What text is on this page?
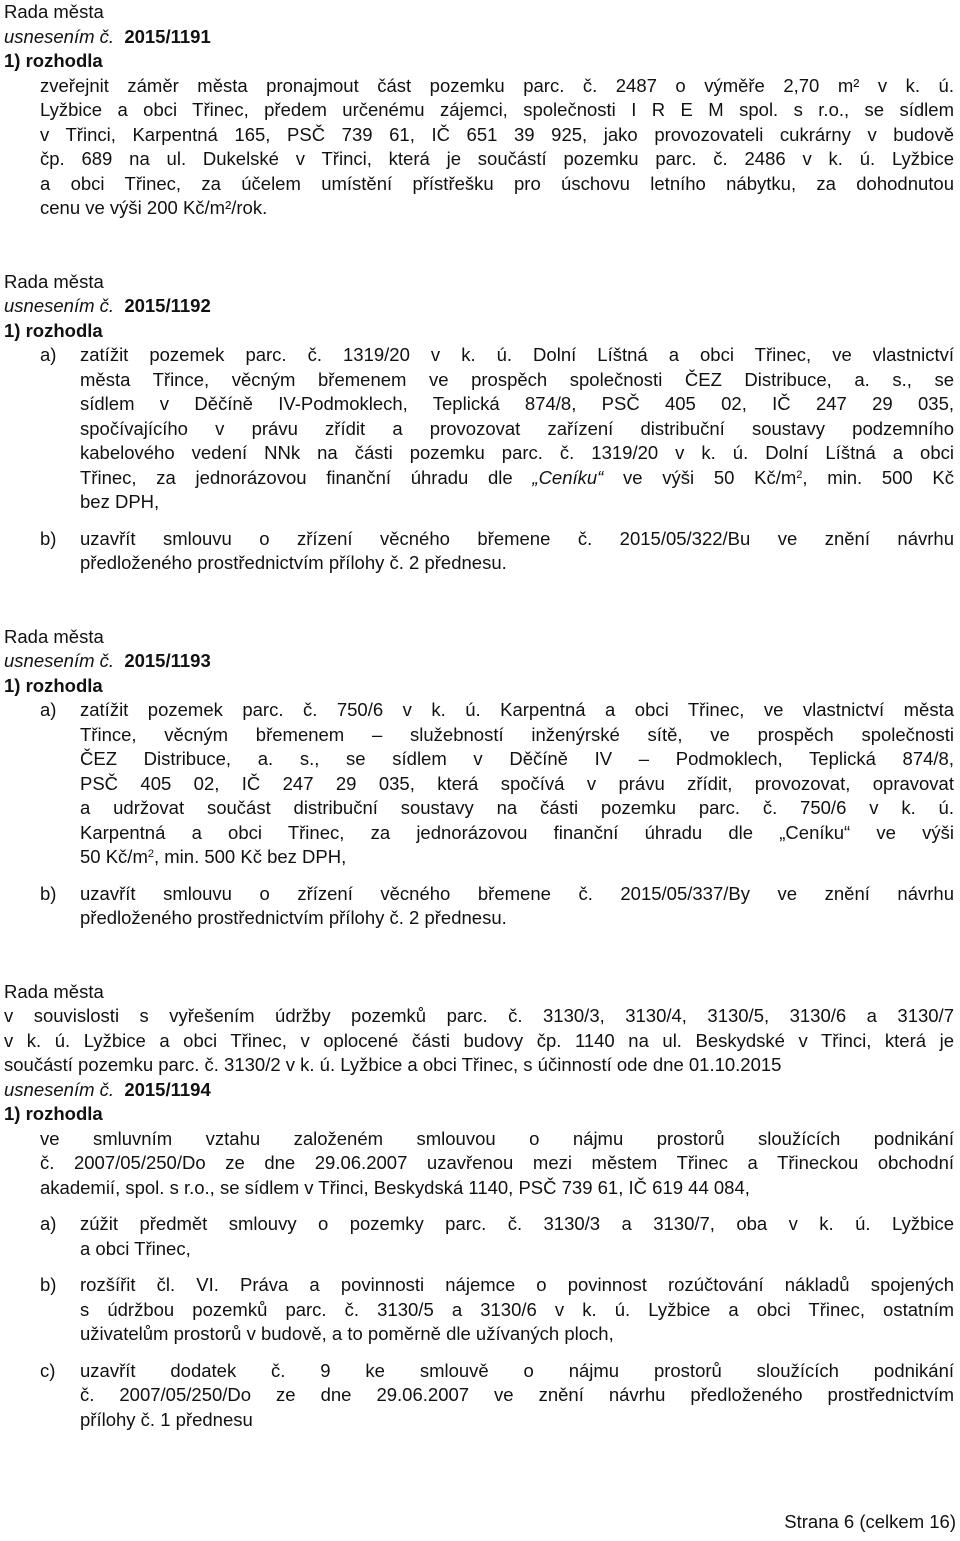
Rada města
usnesením č. 2015/1191
1) rozhodla
zveřejnit záměr města pronajmout část pozemku parc. č. 2487 o výměře 2,70 m² v k. ú.
Lyžbice a obci Třinec, předem určenému zájemci, společnosti I R E M spol. s r.o., se sídlem
v Třinci, Karpentná 165, PSČ 739 61, IČ 651 39 925, jako provozovateli cukrárny v budově
čp. 689 na ul. Dukelské v Třinci, která je součástí pozemku parc. č. 2486 v k. ú. Lyžbice
a obci Třinec, za účelem umístění přístřešku pro úschovu letního nábytku, za dohodnutou
cenu ve výši 200 Kč/m²/rok.
Rada města
usnesením č. 2015/1192
1) rozhodla
a) zatížit pozemek parc. č. 1319/20 v k. ú. Dolní Líštná a obci Třinec, ve vlastnictví
města Třince, věcným břemenem ve prospěch společnosti ČEZ Distribuce, a. s., se
sídlem v Děčíně IV-Podmoklech, Teplická 874/8, PSČ 405 02, IČ 247 29 035,
spočívajícího v právu zřídit a provozovat zařízení distribuční soustavy podzemního
kabelového vedení NNk na části pozemku parc. č. 1319/20 v k. ú. Dolní Líštná a obci
Třinec, za jednorázovou finanční úhradu dle „Ceníku“ ve výši 50 $Kč/m^2$, min. 500 Kč
bez DPH,
b) uzavřít smlouvu o zřízení věcného břemene č. 2015/05/322/Bu ve znění návrhu
předloženého prostřednictvím přílohy č. 2 přednesu.
Rada města
usnesením č. 2015/1193
1) rozhodla
a) zatížit pozemek parc. č. 750/6 v k. ú. Karpentná a obci Třinec, ve vlastnictví města
Třince, věcným břemenem – služebností inženýrské sítě, ve prospěch společnosti
ČEZ Distribuce, a. s., se sídlem v Děčíně IV – Podmoklech, Teplická 874/8,
PSČ 405 02, IČ 247 29 035, která spočívá v právu zřídit, provozovat, opravovat
a udržovat součást distribuční soustavy na části pozemku parc. č. 750/6 v k. ú.
Karpentná a obci Třinec, za jednorázovou finanční úhradu dle „Ceníku“ ve výši
50 $Kč/m^2$, min. 500 Kč bez DPH,
b) uzavřít smlouvu o zřízení věcného břemene č. 2015/05/337/By ve znění návrhu
předloženého prostřednictvím přílohy č. 2 přednesu.
Rada města
v souvislosti s vyřešením údržby pozemků parc. č. 3130/3, 3130/4, 3130/5, 3130/6 a 3130/7
v k. ú. Lyžbice a obci Třinec, v oplocené části budovy čp. 1140 na ul. Beskydské v Třinci, která je
součástí pozemku parc. č. 3130/2 v k. ú. Lyžbice a obci Třinec, s účinností ode dne 01.10.2015
usnesením č. 2015/1194
1) rozhodla
ve smluvním vztahu založeném smlouvou o nájmu prostorů sloužících podnikání
č. 2007/05/250/Do ze dne 29.06.2007 uzavřenou mezi městem Třinec a Třineckou obchodní
akademií, spol. s r.o., se sídlem v Třinci, Beskydská 1140, PSČ 739 61, IČ 619 44 084,
a) zúžit předmět smlouvy o pozemky parc. č. 3130/3 a 3130/7, oba v k. ú. Lyžbice
a obci Třinec,
b) rozšířit čl. VI. Práva a povinnosti nájemce o povinnost rozúčtování nákladů spojených
s údržbou pozemků parc. č. 3130/5 a 3130/6 v k. ú. Lyžbice a obci Třinec, ostatním
uživatelům prostorů v budově, a to poměrně dle užívaných ploch,
c) uzavřít dodatek č. 9 ke smlouvě o nájmu prostorů sloužících podnikání
č. 2007/05/250/Do ze dne 29.06.2007 ve znění návrhu předloženého prostřednictvím
přílohy č. 1 přednesu
Strana 6 (celkem 16)
